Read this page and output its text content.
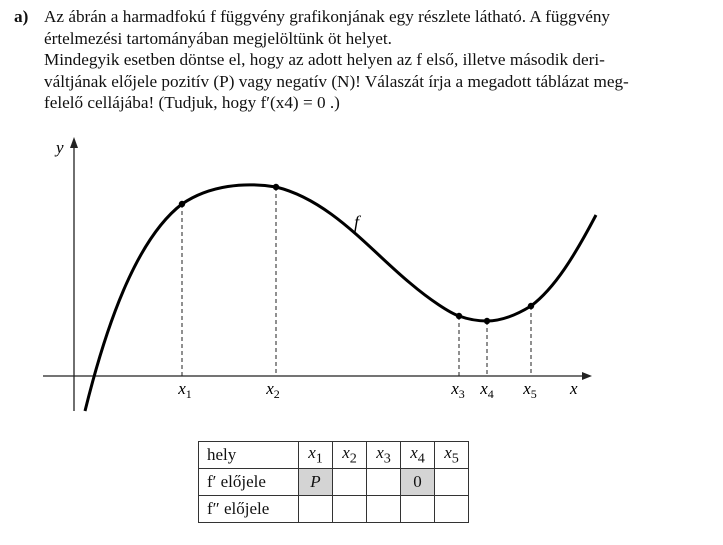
a) Az ábrán a harmadfokú f függvény grafikonjának egy részlete látható. A függvény
értelmezési tartományában megjelöltünk öt helyet.
Mindegyik esetben döntse el, hogy az adott helyen az f első, illetve második deri-
váltjának előjele pozitív (P) vagy negatív (N)! Válaszát írja a megadott táblázat meg-
felelő cellájába! (Tudjuk, hogy f′(x4) = 0 .)
y
x
f
$x_1$	$x_2$	$x_3$ $x_4$ $x_5$
hely	$x_1$	$x_2$	$x_3$	$x_4$	$x_5$
f′ előjele	P			0	
f″ előjele					
